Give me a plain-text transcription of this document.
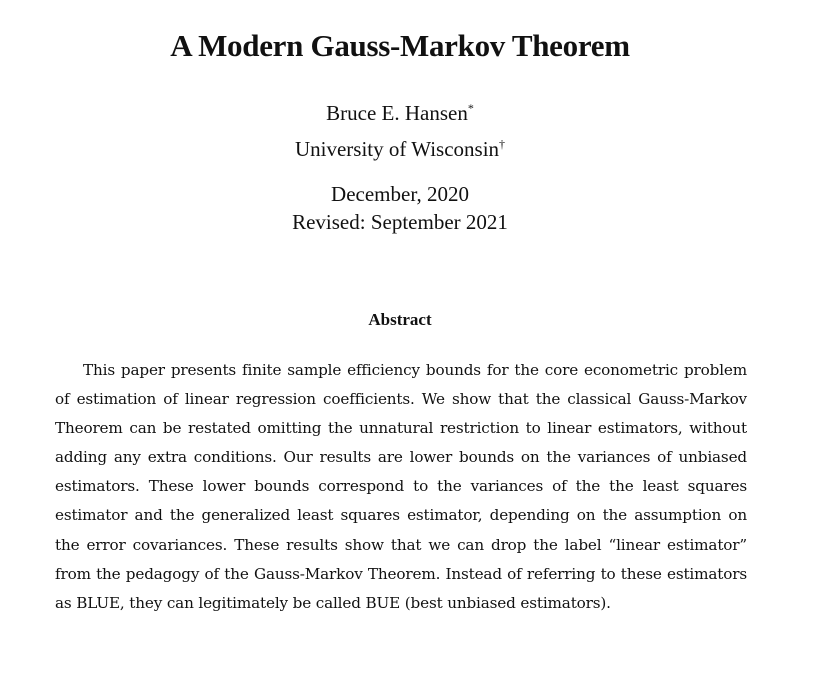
A Modern Gauss-Markov Theorem
Bruce E. Hansen*
University of Wisconsin†
December, 2020
Revised: September 2021
Abstract

This paper presents finite sample efficiency bounds for the core econometric problem of estimation of linear regression coefficients. We show that the classical Gauss-Markov Theorem can be restated omitting the unnatural restriction to linear estimators, without adding any extra conditions. Our results are lower bounds on the variances of unbiased estimators. These lower bounds correspond to the variances of the the least squares estimator and the generalized least squares estimator, depending on the assumption on the error covariances. These results show that we can drop the label “linear estimator” from the pedagogy of the Gauss-Markov Theorem. Instead of referring to these estimators as BLUE, they can legitimately be called BUE (best unbiased estimators).
